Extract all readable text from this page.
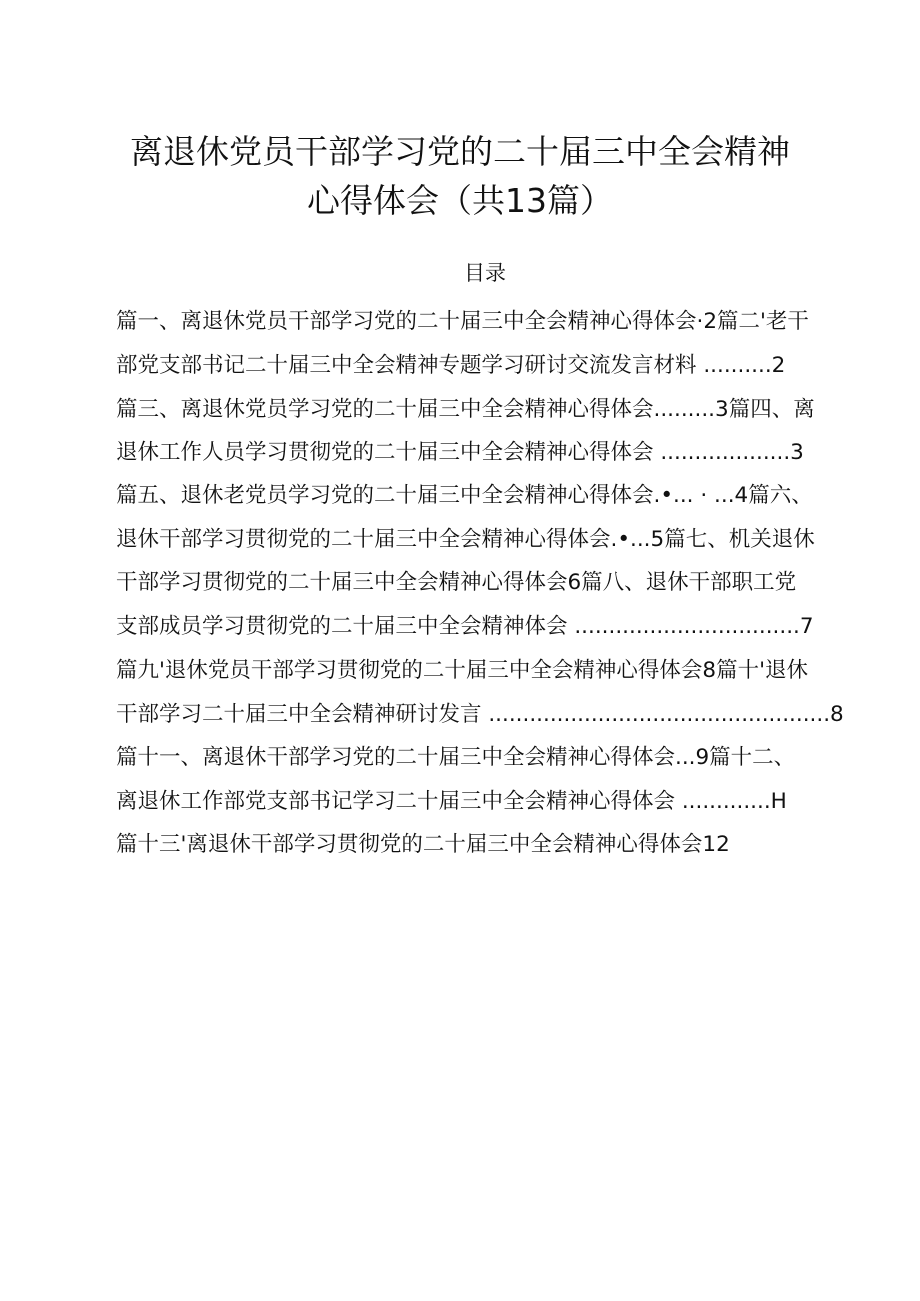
离退休党员干部学习党的二十届三中全会精神
心得体会（共13篇）
目录
篇一、离退休党员干部学习党的二十届三中全会精神心得体会·2篇二'老干
部党支部书记二十届三中全会精神专题学习研讨交流发言材料 ..........2
篇三、离退休党员学习党的二十届三中全会精神心得体会.........3篇四、离
退休工作人员学习贯彻党的二十届三中全会精神心得体会 ...................3
篇五、退休老党员学习党的二十届三中全会精神心得体会.•... · ...4篇六、
退休干部学习贯彻党的二十届三中全会精神心得体会.•...5篇七、机关退休
干部学习贯彻党的二十届三中全会精神心得体会6篇八、退休干部职工党
支部成员学习贯彻党的二十届三中全会精神体会 .................................7
篇九'退休党员干部学习贯彻党的二十届三中全会精神心得体会8篇十'退休
干部学习二十届三中全会精神研讨发言 ..................................................8
篇十一、离退休干部学习党的二十届三中全会精神心得体会...9篇十二、
离退休工作部党支部书记学习二十届三中全会精神心得体会 .............H
篇十三'离退休干部学习贯彻党的二十届三中全会精神心得体会12
